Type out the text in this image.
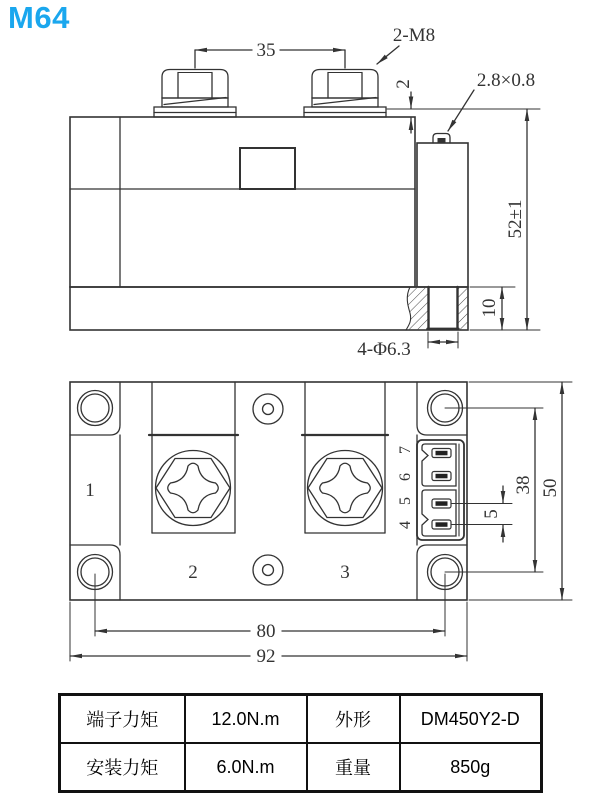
M64
35
2-M8
2	2.8×0.8
52±1
10
4-Φ6.3
1
2	3
7
6
5
4
38 50
5
80
92
端子力矩	12.0N.m	外形	DM450Y2-D
安装力矩	6.0N.m	重量	850g
